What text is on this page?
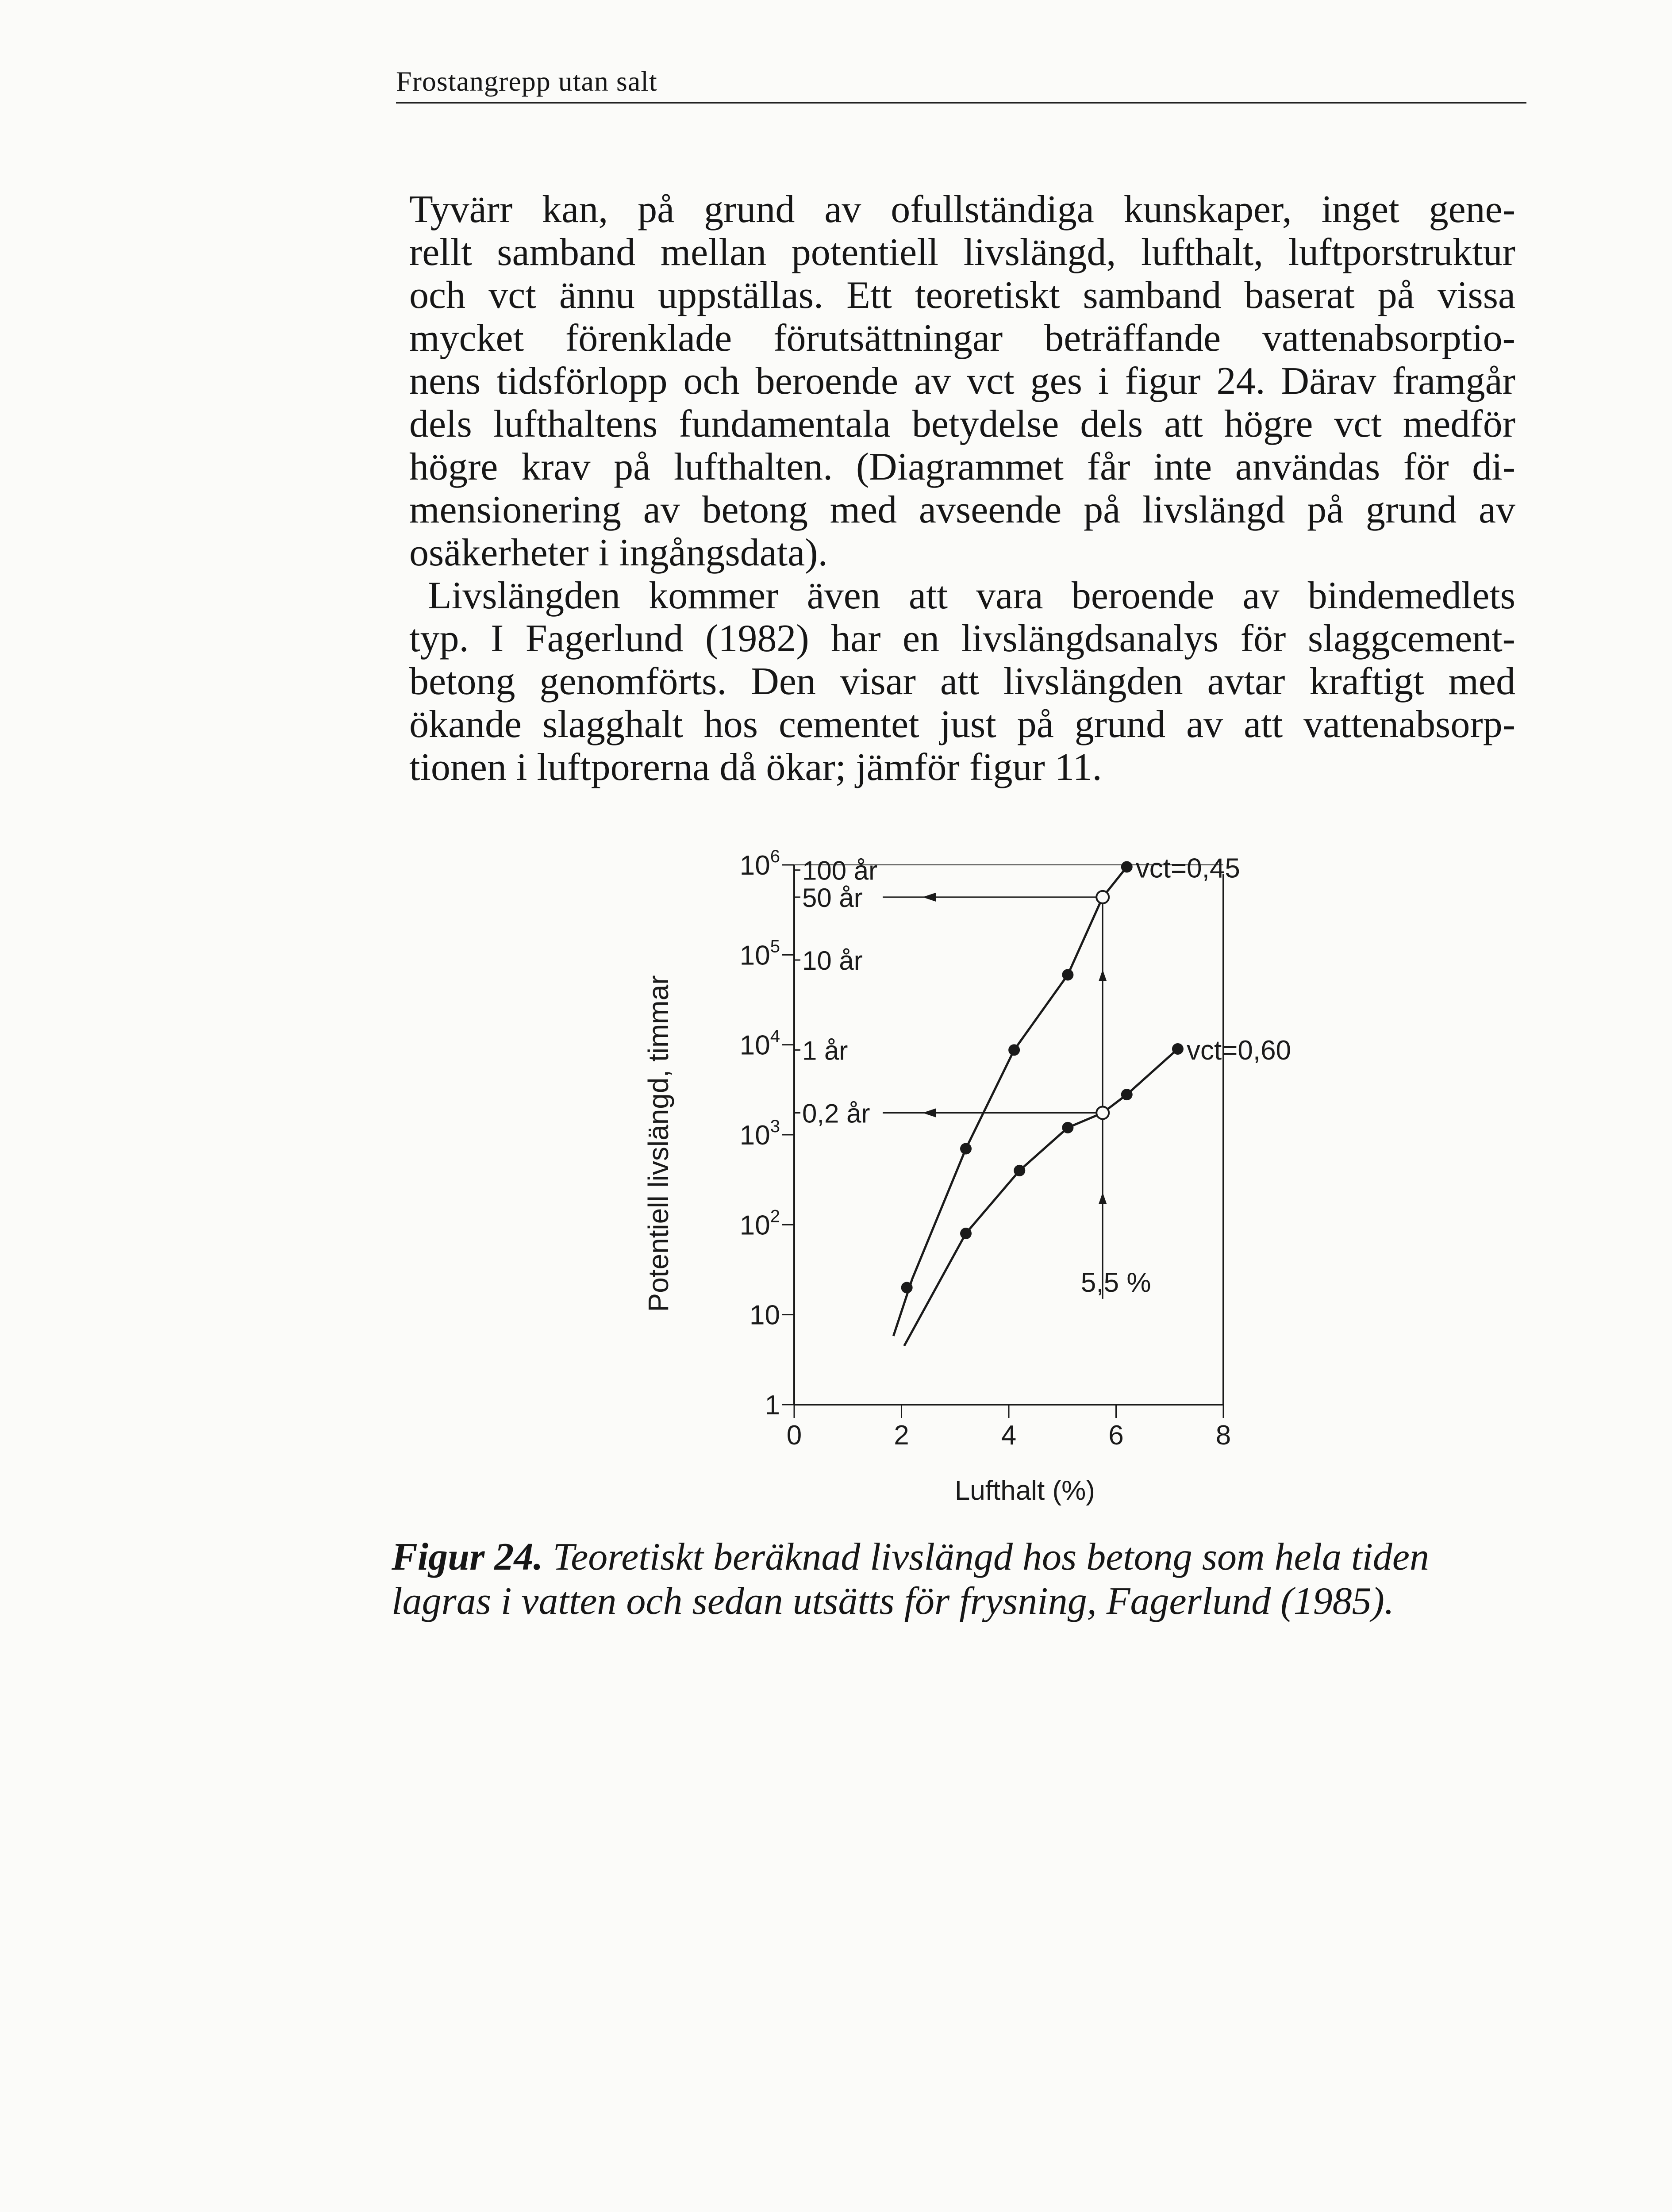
Frostangrepp utan salt

Tyvärr kan, på grund av ofullständiga kunskaper, inget gene-
rellt samband mellan potentiell livslängd, lufthalt, luftporstruktur
och vct ännu uppställas. Ett teoretiskt samband baserat på vissa
mycket förenklade förutsättningar beträffande vattenabsorptio-
nens tidsförlopp och beroende av vct ges i figur 24. Därav framgår
dels lufthaltens fundamentala betydelse dels att högre vct medför
högre krav på lufthalten. (Diagrammet får inte användas för di-
mensionering av betong med avseende på livslängd på grund av
osäkerheter i ingångsdata).

Livslängden kommer även att vara beroende av bindemedlets
typ. I Fagerlund (1982) har en livslängdsanalys för slaggcement-
betong genomförts. Den visar att livslängden avtar kraftigt med
ökande slagghalt hos cementet just på grund av att vattenabsorp-
tionen i luftporerna då ökar; jämför figur 11.

$10^6$
$10^5$
$10^4$
$10^3$
$10^2$
10
1
0	2	4	6	8
Lufthalt (%)
Potentiell livslängd, timmar
100 år
50 år
10 år
1 år
0,2 år
5,5 %
vct=0,45
vct=0,60
Figur 24. Teoretiskt beräknad livslängd hos betong som hela tiden
lagras i vatten och sedan utsätts för frysning, Fagerlund (1985).
